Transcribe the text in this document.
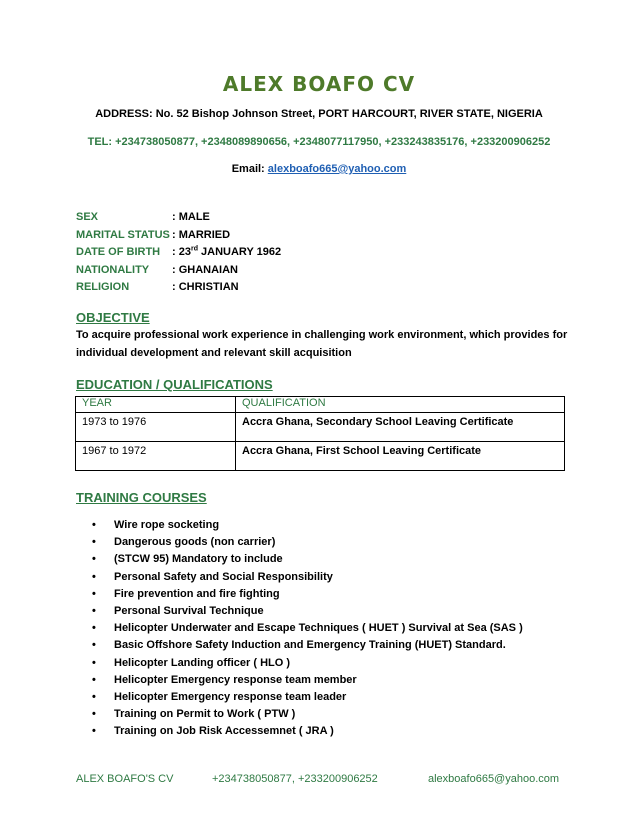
ALEX BOAFO CV
ADDRESS: No. 52 Bishop Johnson Street, PORT HARCOURT, RIVER STATE, NIGERIA
TEL: +234738050877, +2348089890656, +2348077117950, +233243835176, +233200906252
Email: alexboafo665@yahoo.com
SEX	: MALE
MARITAL STATUS : MARRIED
DATE OF BIRTH : 23rd JANUARY 1962
NATIONALITY : GHANAIAN
RELIGION	: CHRISTIAN
OBJECTIVE
To acquire professional work experience in challenging work environment, which provides for individual development and relevant skill acquisition
EDUCATION / QUALIFICATIONS
YEAR	QUALIFICATION
1973 to 1976	Accra Ghana, Secondary School Leaving Certificate
1967 to 1972	Accra Ghana, First School Leaving Certificate
TRAINING COURSES
• Wire rope socketing
• Dangerous goods (non carrier)
• (STCW 95) Mandatory to include
• Personal Safety and Social Responsibility
• Fire prevention and fire fighting
• Personal Survival Technique
• Helicopter Underwater and Escape Techniques ( HUET ) Survival at Sea (SAS )
• Basic Offshore Safety Induction and Emergency Training (HUET) Standard.
• Helicopter Landing officer ( HLO )
• Helicopter Emergency response team member
• Helicopter Emergency response team leader
• Training on Permit to Work ( PTW )
• Training on Job Risk Accessemnet ( JRA )
ALEX BOAFO'S CV	+234738050877, +233200906252	alexboafo665@yahoo.com
